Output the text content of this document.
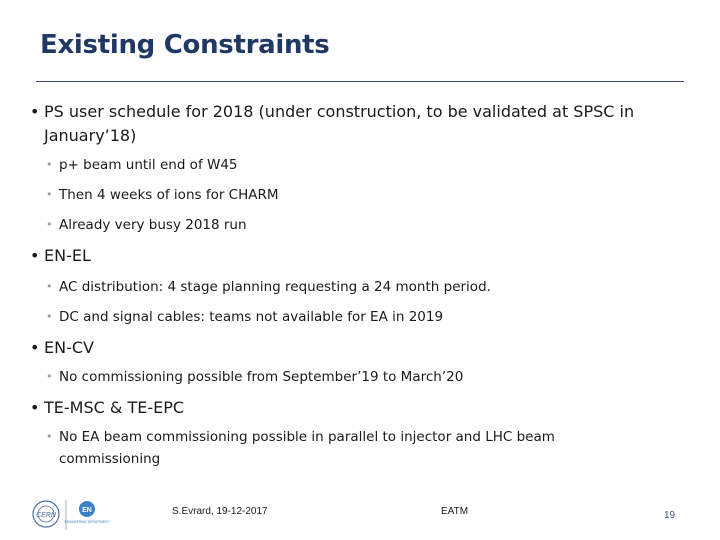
Existing Constraints
• PS user schedule for 2018 (under construction, to be validated at SPSC in January’18)
• p+ beam until end of W45
• Then 4 weeks of ions for CHARM
• Already very busy 2018 run
• EN-EL
• AC distribution: 4 stage planning requesting a 24 month period.
• DC and signal cables: teams not available for EA in 2019
• EN-CV
• No commissioning possible from September’19 to March’20
• TE-MSC & TE-EPC
• No EA beam commissioning possible in parallel to injector and LHC beam commissioning
CERN
EN
ENGINEERING DEPARTMENT
S.Evrard, 19-12-2017	EATM	19
